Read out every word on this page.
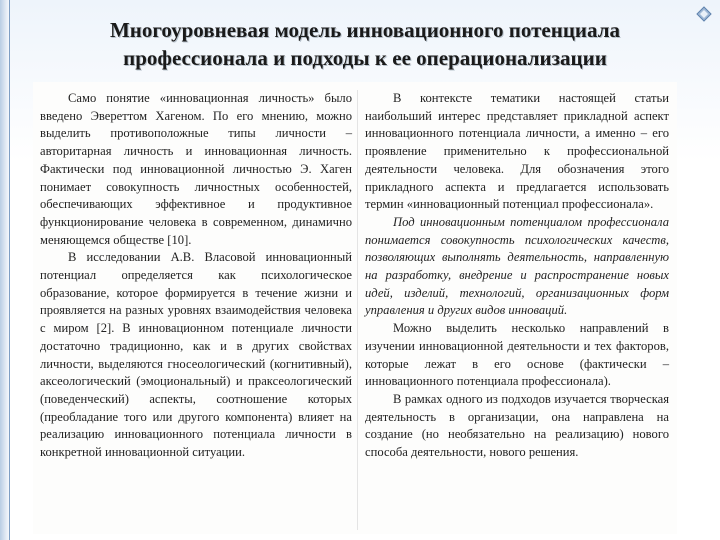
Многоуровневая модель инновационного потенциала
профессионала и подходы к ее операционализации

Само понятие «инновационная личность» было введено Эвереттом Хагеном. По его мнению, можно выделить противоположные типы личности – авторитарная личность и инновационная личность. Фактически под инновационной личностью Э. Хаген понимает совокупность личностных особенностей, обеспечивающих эффективное и продуктивное функционирование человека в современном, динамично меняющемся обществе [10].

В исследовании А.В. Власовой инновационный потенциал определяется как психологическое образование, которое формируется в течение жизни и проявляется на разных уровнях взаимодействия человека с миром [2]. В инновационном потенциале личности достаточно традиционно, как и в других свойствах личности, выделяются гносеологический (когнитивный), аксеологический (эмоциональный) и праксеологический (поведенческий) аспекты, соотношение которых (преобладание того или другого компонента) влияет на реализацию инновационного потенциала личности в конкретной инновационной ситуации.

В контексте тематики настоящей статьи наибольший интерес представляет прикладной аспект инновационного потенциала личности, а именно – его проявление применительно к профессиональной деятельности человека. Для обозначения этого прикладного аспекта и предлагается использовать термин «инновационный потенциал профессионала».

Под инновационным потенциалом профессионала понимается совокупность психологических качеств, позволяющих выполнять деятельность, направленную на разработку, внедрение и распространение новых идей, изделий, технологий, организационных форм управления и других видов инноваций.

Можно выделить несколько направлений в изучении инновационной деятельности и тех факторов, которые лежат в его основе (фактически – инновационного потенциала профессионала).

В рамках одного из подходов изучается творческая деятельность в организации, она направлена на создание (но необязательно на реализацию) нового способа деятельности, нового решения.
